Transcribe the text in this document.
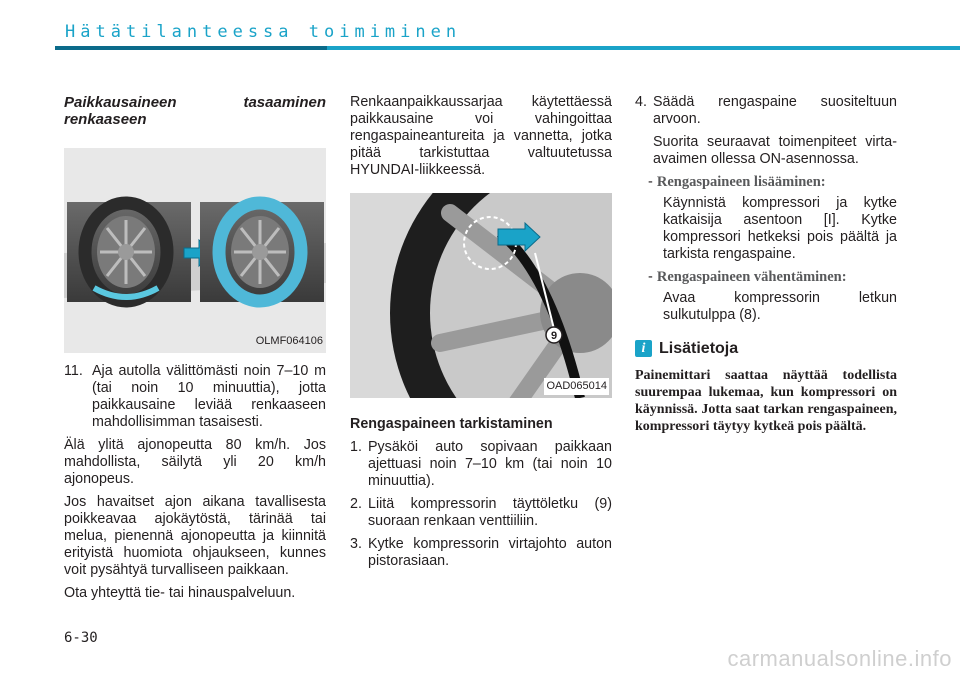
Hätätilanteessa toimiminen

Paikkausaineen tasaaminen renkaaseen

OLMF064106
11. Aja autolla välittömästi noin 7–10 m (tai noin 10 minuuttia), jotta paikkausaine leviää renkaaseen mahdollisimman tasaisesti.

Älä ylitä ajonopeutta 80 km/h. Jos mahdollista, säilytä yli 20 km/h ajonopeus.

Jos havaitset ajon aikana tavallisesta poikkeavaa ajokäytöstä, tärinää tai melua, pienennä ajonopeutta ja kiinnitä erityistä huomiota ohjaukseen, kunnes voit pysähtyä turvalliseen paikkaan.

Ota yhteyttä tie- tai hinauspalveluun.

Renkaanpaikkaussarjaa käytettäessä paikkausaine voi vahingoittaa rengaspaineantureita ja vannetta, jotka pitää tarkistuttaa valtuutetussa HYUNDAI-liikkeessä.

9
OAD065014

Rengaspaineen tarkistaminen

1. Pysäköi auto sopivaan paikkaan ajettuasi noin 7–10 km (tai noin 10 minuuttia).
2. Liitä kompressorin täyttöletku (9) suoraan renkaan venttiiliin.
3. Kytke kompressorin virtajohto auton pistorasiaan.
4. Säädä rengaspaine suositeltuun arvoon.

Suorita seuraavat toimenpiteet virta-avaimen ollessa ON-asennossa.

- Rengaspaineen lisääminen:
Käynnistä kompressori ja kytke katkaisija asentoon [I]. Kytke kompressori hetkeksi pois päältä ja tarkista rengaspaine.
- Rengaspaineen vähentäminen:
Avaa kompressorin letkun sulkutulppa (8).
i Lisätietoja
Painemittari saattaa näyttää todellista suurempaa lukemaa, kun kompressori on käynnissä. Jotta saat tarkan rengaspaineen, kompressori täytyy kytkeä pois päältä.
6-30
carmanualsonline.info
